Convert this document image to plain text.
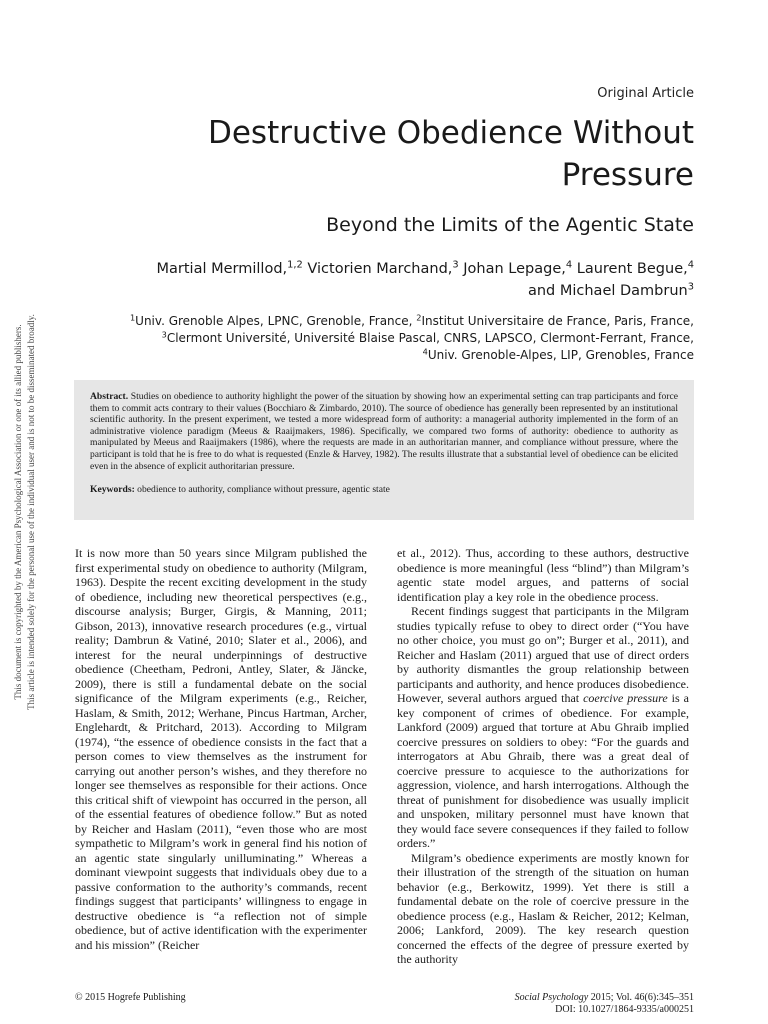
This document is copyrighted by the American Psychological Association or one of its allied publishers. This article is intended solely for the personal use of the individual user and is not to be disseminated broadly.
Original Article
Destructive Obedience Without Pressure
Beyond the Limits of the Agentic State
Martial Mermillod,$^{1,2}$ Victorien Marchand,$^3$ Johan Lepage,$^4$ Laurent Begue,$^4$
and Michael Dambrun$^3$
$^1$Univ. Grenoble Alpes, LPNC, Grenoble, France, $^2$Institut Universitaire de France, Paris, France,
$^3$Clermont Université, Université Blaise Pascal, CNRS, LAPSCO, Clermont-Ferrant, France,
$^4$Univ. Grenoble-Alpes, LIP, Grenobles, France
Abstract. Studies on obedience to authority highlight the power of the situation by showing how an experimental setting can trap participants and force them to commit acts contrary to their values (Bocchiaro & Zimbardo, 2010). The source of obedience has generally been represented by an institutional scientific authority. In the present experiment, we tested a more widespread form of authority: a managerial authority implemented in the form of an administrative violence paradigm (Meeus & Raaijmakers, 1986). Specifically, we compared two forms of authority: obedience to authority as manipulated by Meeus and Raaijmakers (1986), where the requests are made in an authoritarian manner, and compliance without pressure, where the participant is told that he is free to do what is requested (Enzle & Harvey, 1982). The results illustrate that a substantial level of obedience can be elicited even in the absence of explicit authoritarian pressure.
Keywords: obedience to authority, compliance without pressure, agentic state

It is now more than 50 years since Milgram published the first experimental study on obedience to authority (Milgram, 1963). Despite the recent exciting development in the study of obedience, including new theoretical perspectives (e.g., discourse analysis; Burger, Girgis, & Manning, 2011; Gibson, 2013), innovative research procedures (e.g., virtual reality; Dambrun & Vatiné, 2010; Slater et al., 2006), and interest for the neural underpinnings of destructive obedience (Cheetham, Pedroni, Antley, Slater, & Jäncke, 2009), there is still a fundamental debate on the social significance of the Milgram experiments (e.g., Reicher, Haslam, & Smith, 2012; Werhane, Pincus Hartman, Archer, Englehardt, & Pritchard, 2013). According to Milgram (1974), “the essence of obedience consists in the fact that a person comes to view themselves as the instrument for carrying out another person’s wishes, and they therefore no longer see themselves as responsible for their actions. Once this critical shift of viewpoint has occurred in the person, all of the essential features of obedience follow.” But as noted by Reicher and Haslam (2011), “even those who are most sympathetic to Milgram’s work in general find his notion of an agentic state singularly unilluminating.” Whereas a dominant viewpoint suggests that individuals obey due to a passive conformation to the authority’s commands, recent findings suggest that participants’ willingness to engage in destructive obedience is “a reflection not of simple obedience, but of active identification with the experimenter and his mission” (Reicher

et al., 2012). Thus, according to these authors, destructive obedience is more meaningful (less “blind”) than Milgram’s agentic state model argues, and patterns of social identification play a key role in the obedience process.

Recent findings suggest that participants in the Milgram studies typically refuse to obey to direct order (“You have no other choice, you must go on”; Burger et al., 2011), and Reicher and Haslam (2011) argued that use of direct orders by authority dismantles the group relationship between participants and authority, and hence produces disobedience. However, several authors argued that coercive pressure is a key component of crimes of obedience. For example, Lankford (2009) argued that torture at Abu Ghraib implied coercive pressures on soldiers to obey: “For the guards and interrogators at Abu Ghraib, there was a great deal of coercive pressure to acquiesce to the authorizations for aggression, violence, and harsh interrogations. Although the threat of punishment for disobedience was usually implicit and unspoken, military personnel must have known that they would face severe consequences if they failed to follow orders.”

Milgram’s obedience experiments are mostly known for their illustration of the strength of the situation on human behavior (e.g., Berkowitz, 1999). Yet there is still a fundamental debate on the role of coercive pressure in the obedience process (e.g., Haslam & Reicher, 2012; Kelman, 2006; Lankford, 2009). The key research question concerned the effects of the degree of pressure exerted by the authority

© 2015 Hogrefe Publishing	Social Psychology 2015; Vol. 46(6):345–351
DOI: 10.1027/1864-9335/a000251
